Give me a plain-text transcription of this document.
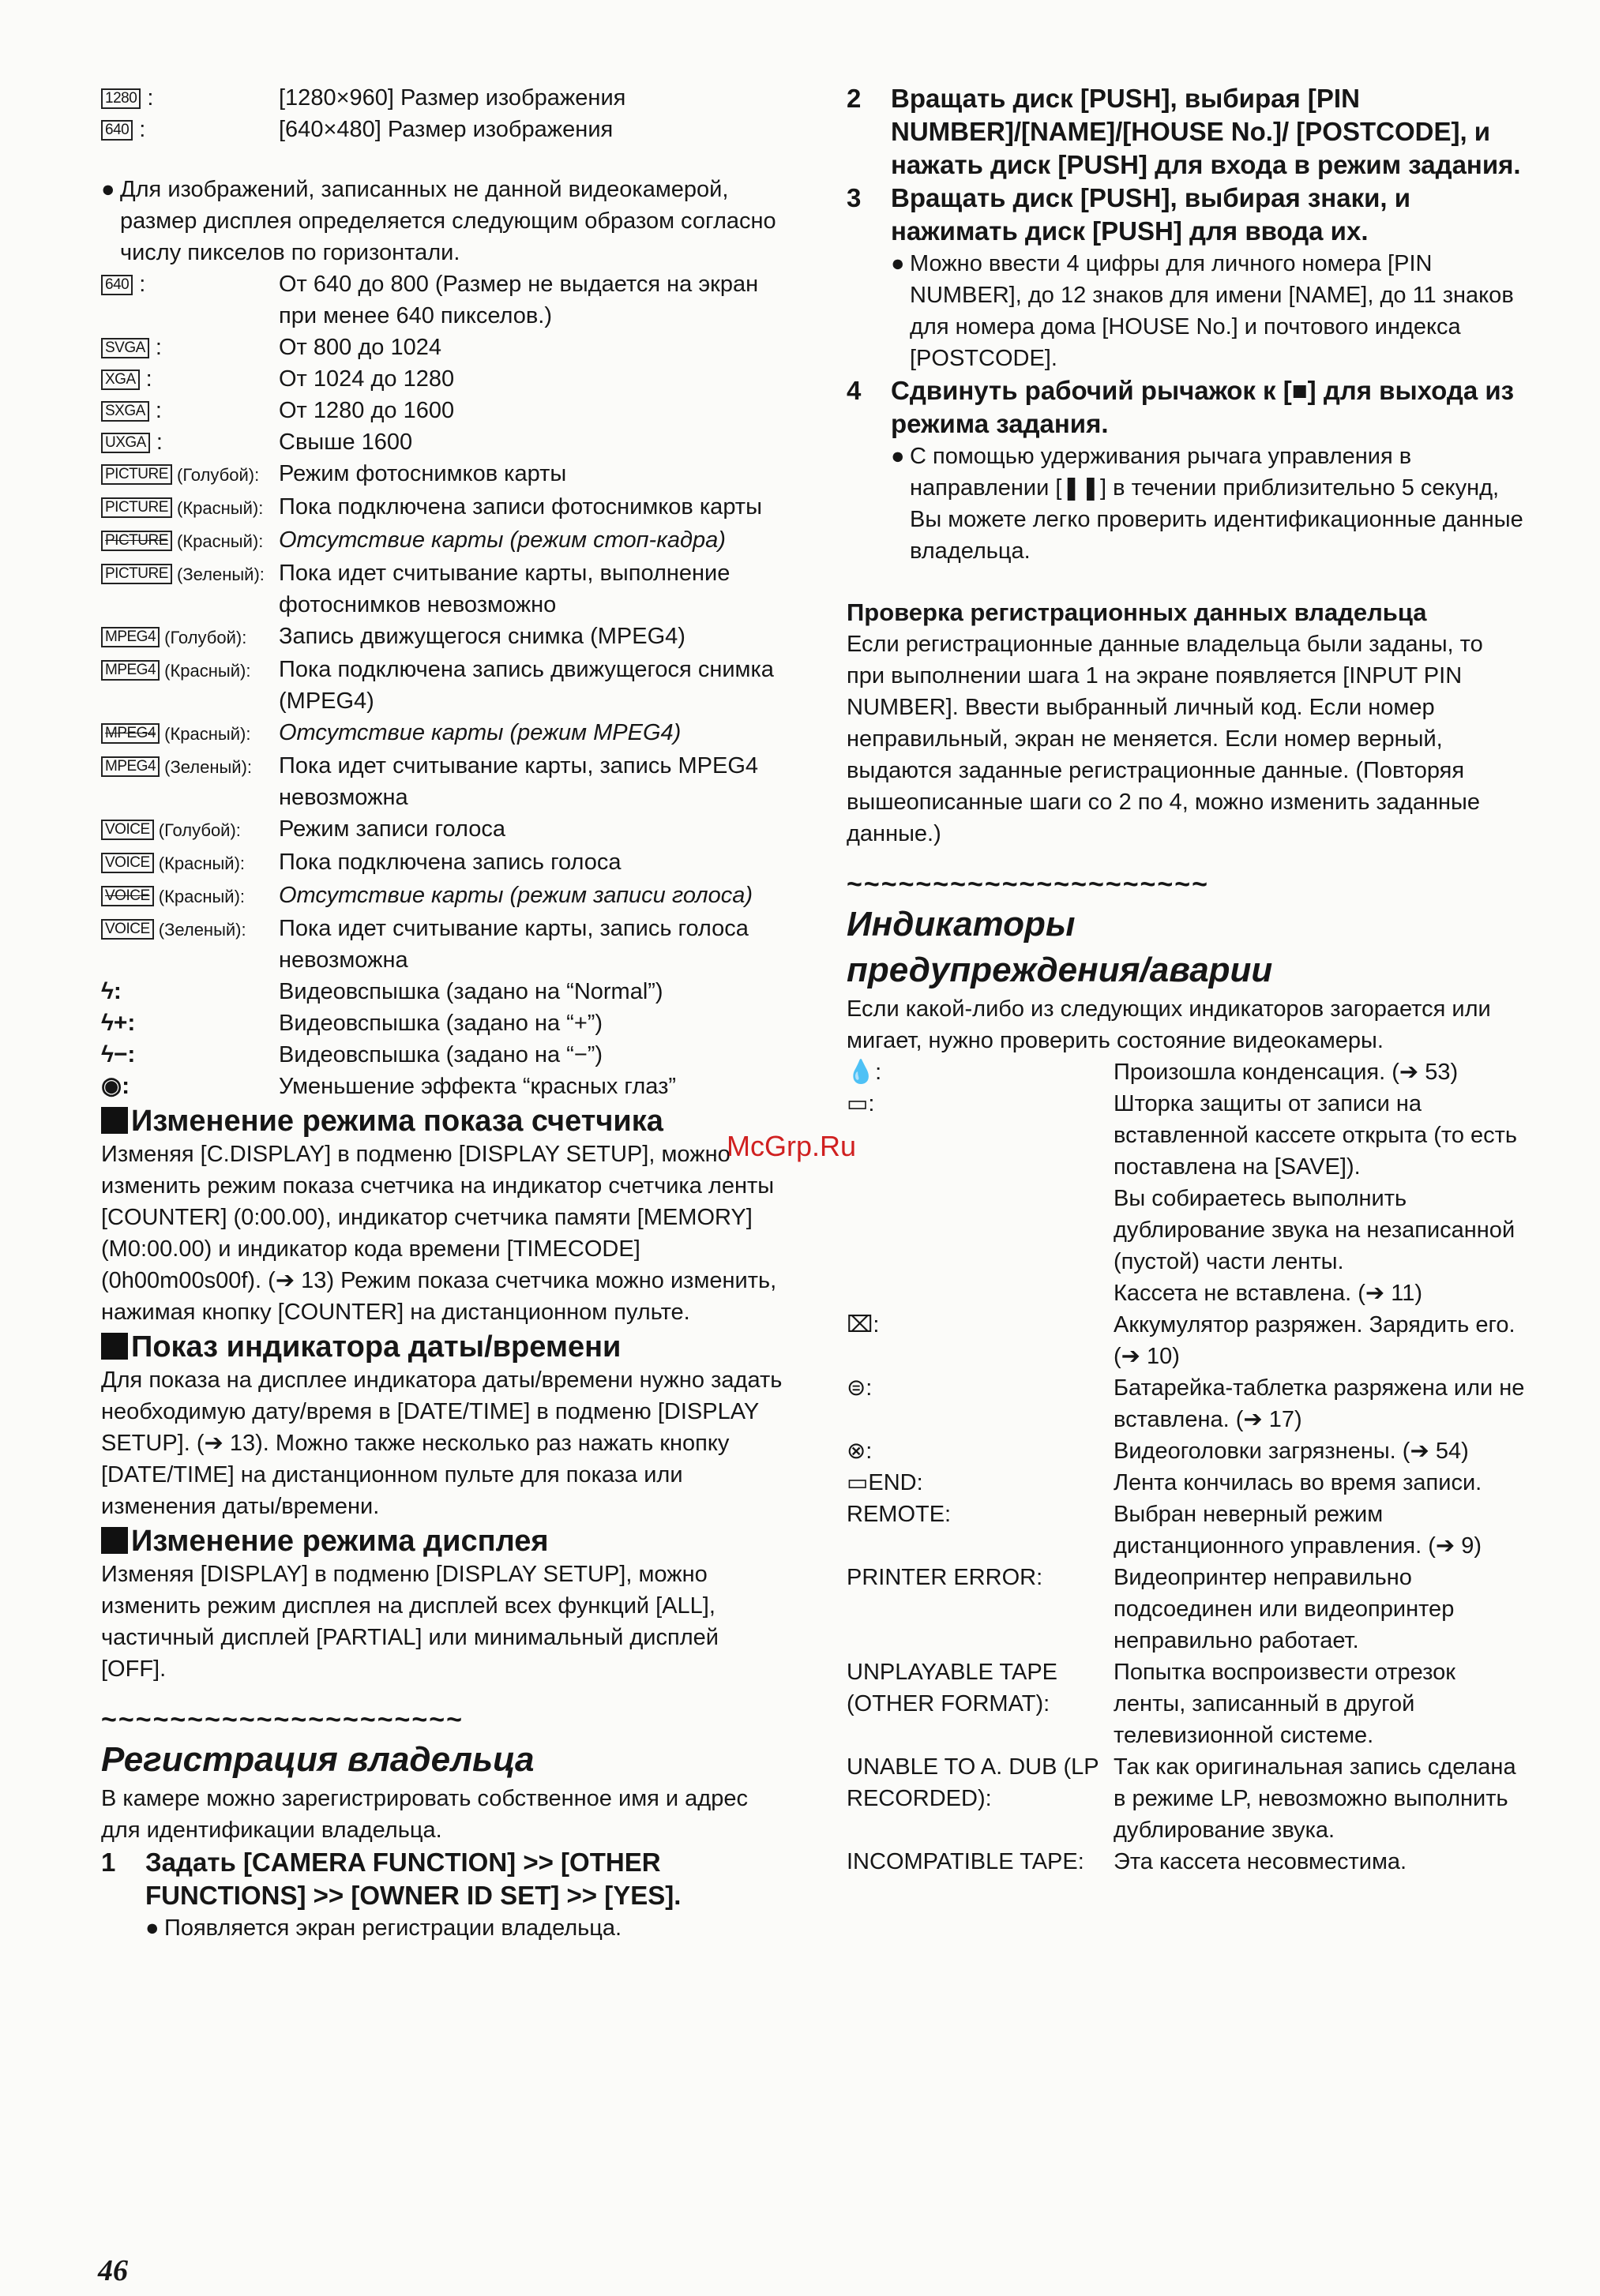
1280 :	[1280×960] Размер изображения
640 :	[640×480] Размер изображения
● Для изображений, записанных не данной видеокамерой, размер дисплея определяется следующим образом согласно числу пикселов по горизонтали.
640 :	От 640 до 800 (Размер не выдается на экран при менее 640 пикселов.)
SVGA :	От 800 до 1024
XGA :	От 1024 до 1280
SXGA :	От 1280 до 1600
UXGA :	Свыше 1600
PICTURE (Голубой): Режим фотоснимков карты
PICTURE (Красный): Пока подключена записи фотоснимков карты
PICTURE (Красный): Отсутствие карты (режим стоп-кадра)
PICTURE (Зеленый): Пока идет считывание карты, выполнение фотоснимков невозможно
MPEG4 (Голубой):	Запись движущегося снимка (MPEG4)
MPEG4 (Красный):	Пока подключена запись движущегося снимка (MPEG4)
MPEG4 (Красный):	Отсутствие карты (режим MPEG4)
MPEG4 (Зеленый):	Пока идет считывание карты, запись MPEG4 невозможна
VOICE (Голубой):	Режим записи голоса
VOICE (Красный):	Пока подключена запись голоса
VOICE (Красный):	Отсутствие карты (режим записи голоса)
VOICE (Зеленый):	Пока идет считывание карты, запись голоса невозможна
ϟ:	Видеовспышка (задано на “Normal”)
ϟ+:	Видеовспышка (задано на “+”)
ϟ−:	Видеовспышка (задано на “−”)
◉:	Уменьшение эффекта “красных глаз”
Изменение режима показа счетчика
Изменяя [C.DISPLAY] в подменю [DISPLAY SETUP], можно изменить режим показа счетчика на индикатор счетчика ленты [COUNTER] (0:00.00), индикатор счетчика памяти [MEMORY] (M0:00.00) и индикатор кода времени [TIMECODE] (0h00m00s00f). (➔ 13) Режим показа счетчика можно изменить, нажимая кнопку [COUNTER] на дистанционном пульте.
Показ индикатора даты/времени
Для показа на дисплее индикатора даты/времени нужно задать необходимую дату/время в [DATE/TIME] в подменю [DISPLAY SETUP]. (➔ 13). Можно также несколько раз нажать кнопку [DATE/TIME] на дистанционном пульте для показа или изменения даты/времени.
Изменение режима дисплея
Изменяя [DISPLAY] в подменю [DISPLAY SETUP], можно изменить режим дисплея на дисплей всех функций [ALL], частичный дисплей [PARTIAL] или минимальный дисплей [OFF].
~~~~~~~~~~~~~~~~~~~~~
Регистрация владельца
В камере можно зарегистрировать собственное имя и адрес для идентификации владельца.
1	Задать [CAMERA FUNCTION] >> [OTHER FUNCTIONS] >> [OWNER ID SET] >> [YES].
● Появляется экран регистрации владельца.
2	Вращать диск [PUSH], выбирая [PIN NUMBER]/[NAME]/[HOUSE No.]/ [POSTCODE], и нажать диск [PUSH] для входа в режим задания.
3	Вращать диск [PUSH], выбирая знаки, и нажимать диск [PUSH] для ввода их.
● Можно ввести 4 цифры для личного номера [PIN NUMBER], до 12 знаков для имени [NAME], до 11 знаков для номера дома [HOUSE No.] и почтового индекса [POSTCODE].
4	Сдвинуть рабочий рычажок к [■] для выхода из режима задания.
● С помощью удерживания рычага управления в направлении [❚❚] в течении приблизительно 5 секунд, Вы можете легко проверить идентификационные данные владельца.
Проверка регистрационных данных владельца
Если регистрационные данные владельца были заданы, то при выполнении шага 1 на экране появляется [INPUT PIN NUMBER]. Ввести выбранный личный код. Если номер неправильный, экран не меняется. Если номер верный, выдаются заданные регистрационные данные. (Повторяя вышеописанные шаги со 2 по 4, можно изменить заданные данные.)
~~~~~~~~~~~~~~~~~~~~~
Индикаторы предупреждения/аварии
Если какой-либо из следующих индикаторов загорается или мигает, нужно проверить состояние видеокамеры.
💧:	Произошла конденсация. (➔ 53)
▭:	Шторка защиты от записи на вставленной кассете открыта (то есть поставлена на [SAVE]).
Вы собираетесь выполнить дублирование звука на незаписанной (пустой) части ленты.
Кассета не вставлена. (➔ 11)
⌧:	Аккумулятор разряжен. Зарядить его. (➔ 10)
⊜:	Батарейка-таблетка разряжена или не вставлена. (➔ 17)
⊗:	Видеоголовки загрязнены. (➔ 54)
▭END:	Лента кончилась во время записи.
REMOTE:	Выбран неверный режим дистанционного управления. (➔ 9)
PRINTER ERROR:	Видеопринтер неправильно подсоединен или видеопринтер неправильно работает.
UNPLAYABLE TAPE (OTHER FORMAT):
Попытка воспроизвести отрезок ленты, записанный в другой телевизионной системе.
UNABLE TO A. DUB (LP RECORDED):
Так как оригинальная запись сделана в режиме LP, невозможно выполнить дублирование звука.
INCOMPATIBLE TAPE:	Эта кассета несовместима.
McGrp.Ru
46
